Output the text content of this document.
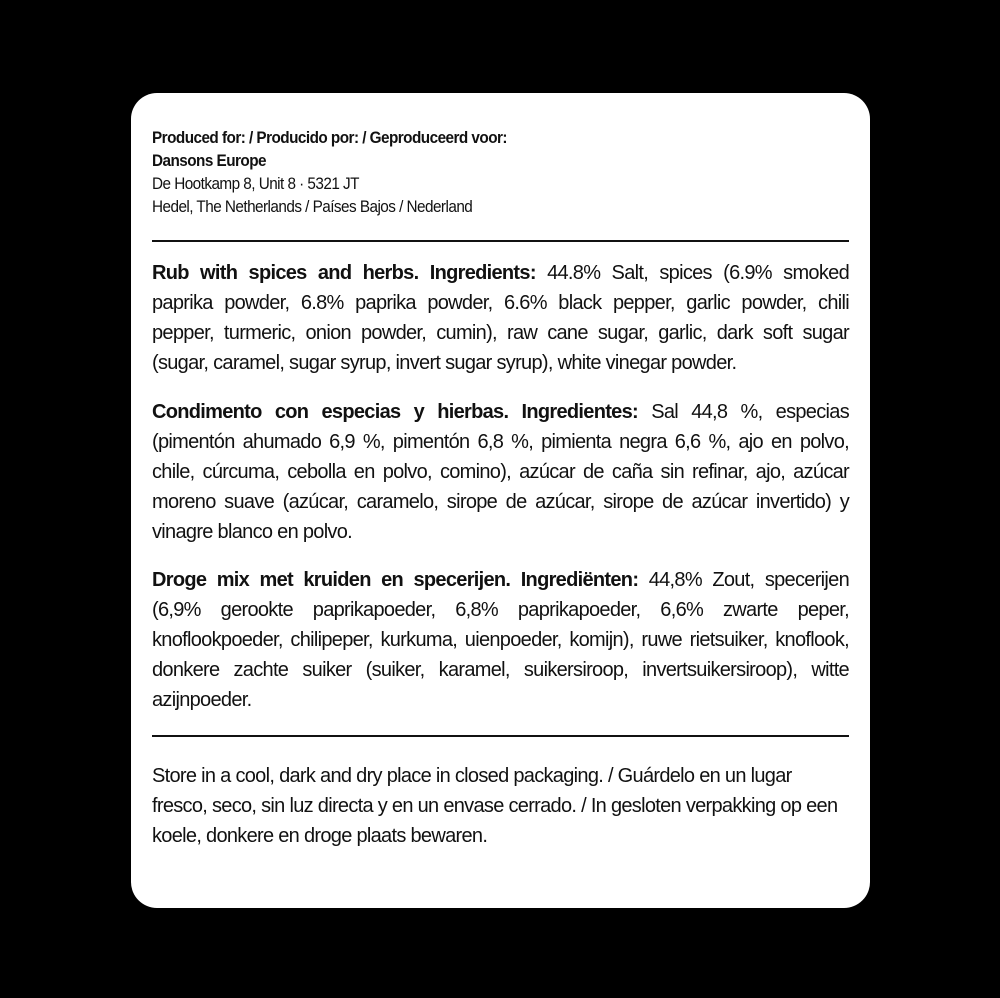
Produced for: / Producido por: / Geproduceerd voor:
Dansons Europe
De Hootkamp 8, Unit 8 · 5321 JT
Hedel, The Netherlands / Países Bajos / Nederland
Rub with spices and herbs. Ingredients: 44.8% Salt, spices (6.9% smoked paprika powder, 6.8% paprika powder, 6.6% black pepper, garlic powder, chili pepper, turmeric, onion powder, cumin), raw cane sugar, garlic, dark soft sugar (sugar, caramel, sugar syrup, invert sugar syrup), white vinegar powder.
Condimento con especias y hierbas. Ingredientes: Sal 44,8 %, especias (pimentón ahumado 6,9 %, pimentón 6,8 %, pimienta negra 6,6 %, ajo en polvo, chile, cúrcuma, cebolla en polvo, comino), azúcar de caña sin refinar, ajo, azúcar moreno suave (azúcar, caramelo, sirope de azúcar, sirope de azúcar invertido) y vinagre blanco en polvo.
Droge mix met kruiden en specerijen. Ingrediënten: 44,8% Zout, specerijen (6,9% gerookte paprikapoeder, 6,8% paprikapoeder, 6,6% zwarte peper, knoflookpoeder, chilipeper, kurkuma, uienpoeder, komijn), ruwe rietsuiker, knoflook, donkere zachte suiker (suiker, karamel, suikersiroop, invertsuikersiroop), witte azijnpoeder.
Store in a cool, dark and dry place in closed packaging. / Guárdelo en un lugar fresco, seco, sin luz directa y en un envase cerrado. / In gesloten verpakking op een koele, donkere en droge plaats bewaren.
